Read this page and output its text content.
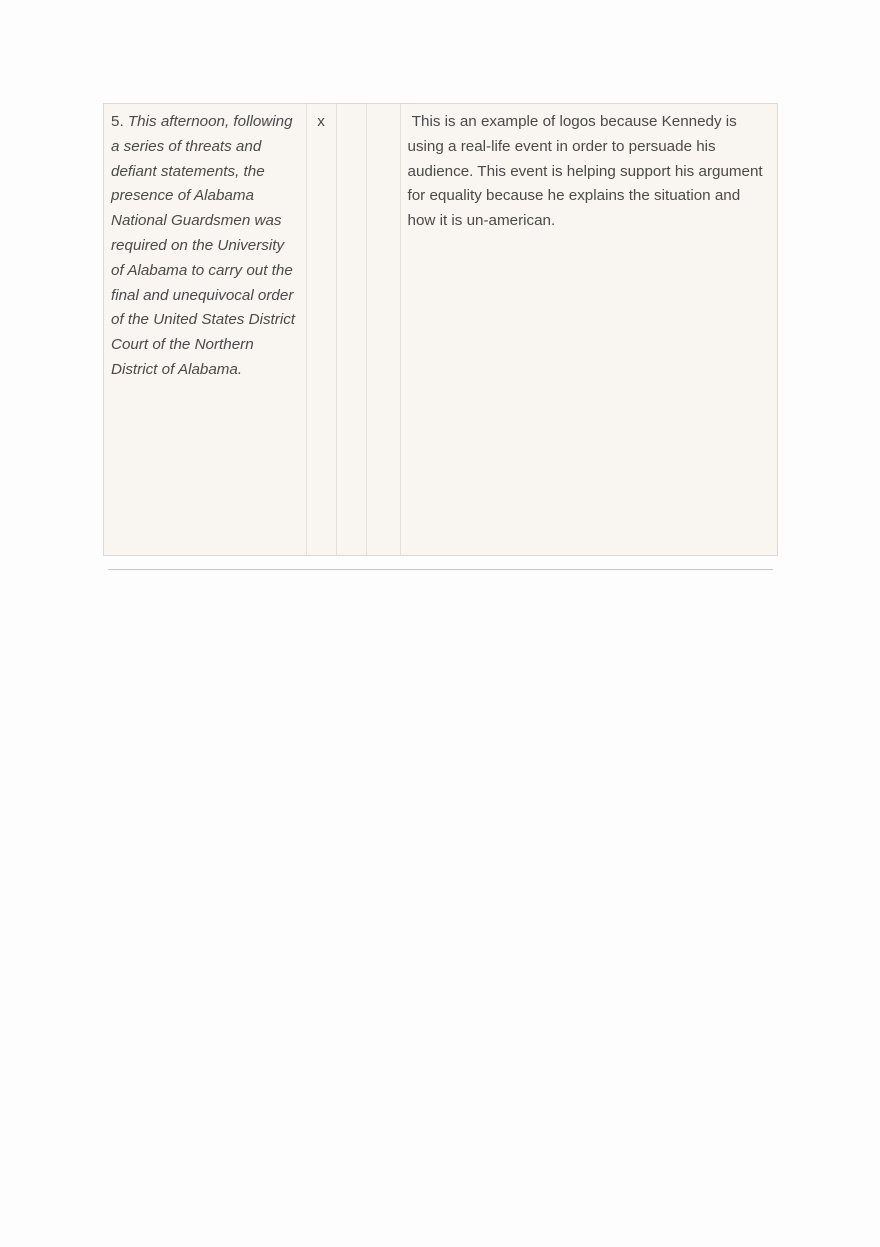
5. This afternoon, following a series of threats and defiant statements, the presence of Alabama National Guardsmen was required on the University of Alabama to carry out the final and unequivocal order of the United States District Court of the Northern District of Alabama.	x			This is an example of logos because Kennedy is using a real-life event in order to persuade his audience. This event is helping support his argument for equality because he explains the situation and how it is un-american.
